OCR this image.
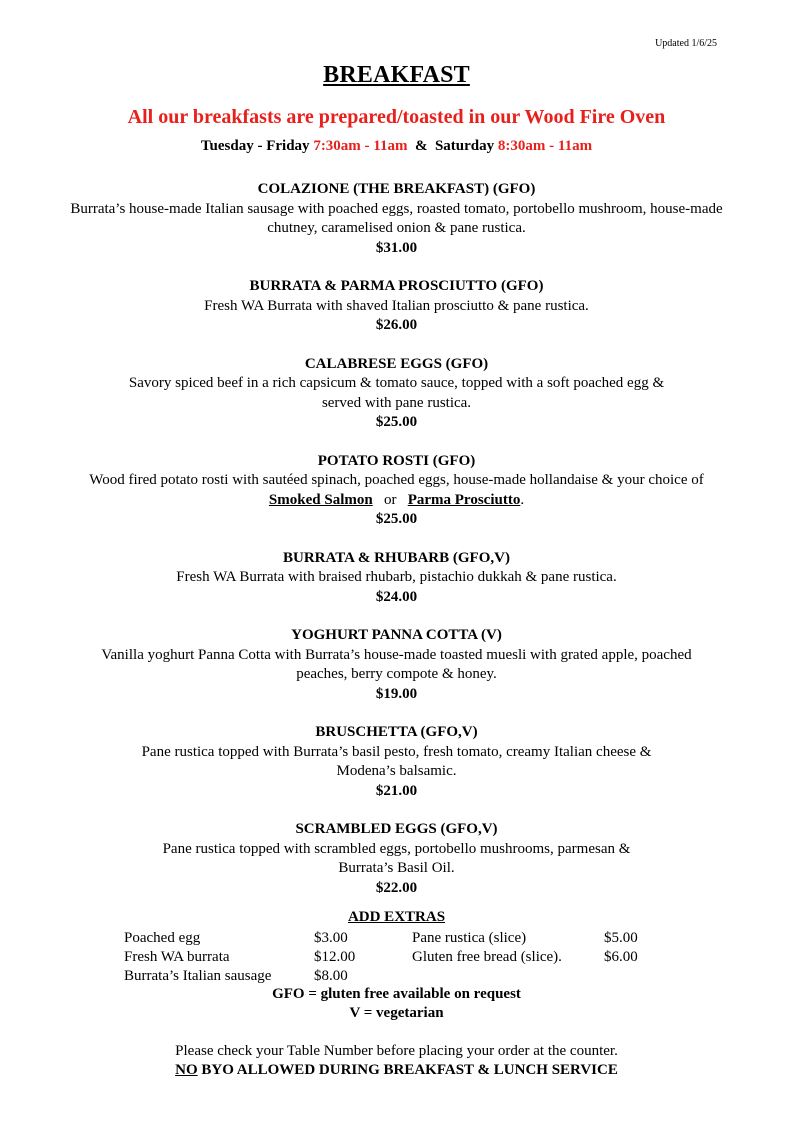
Updated 1/6/25
BREAKFAST
All our breakfasts are prepared/toasted in our Wood Fire Oven
Tuesday - Friday 7:30am - 11am & Saturday 8:30am - 11am
COLAZIONE (THE BREAKFAST) (GFO)
Burrata’s house-made Italian sausage with poached eggs, roasted tomato, portobello mushroom, house-made chutney, caramelised onion & pane rustica.
$31.00
BURRATA & PARMA PROSCIUTTO (GFO)
Fresh WA Burrata with shaved Italian prosciutto & pane rustica.
$26.00
CALABRESE EGGS (GFO)
Savory spiced beef in a rich capsicum & tomato sauce, topped with a soft poached egg & served with pane rustica.
$25.00
POTATO ROSTI (GFO)
Wood fired potato rosti with sautéed spinach, poached eggs, house-made hollandaise & your choice of
Smoked Salmon or Parma Prosciutto.
$25.00
BURRATA & RHUBARB (GFO,V)
Fresh WA Burrata with braised rhubarb, pistachio dukkah & pane rustica.
$24.00
YOGHURT PANNA COTTA (V)
Vanilla yoghurt Panna Cotta with Burrata’s house-made toasted muesli with grated apple, poached peaches, berry compote & honey.
$19.00
BRUSCHETTA (GFO,V)
Pane rustica topped with Burrata’s basil pesto, fresh tomato, creamy Italian cheese & Modena’s balsamic.
$21.00
SCRAMBLED EGGS (GFO,V)
Pane rustica topped with scrambled eggs, portobello mushrooms, parmesan & Burrata’s Basil Oil.
$22.00
ADD EXTRAS
Poached egg	$3.00	Pane rustica (slice)	$5.00
Fresh WA burrata	$12.00	Gluten free bread (slice).	$6.00
Burrata’s Italian sausage	$8.00
GFO = gluten free available on request
V = vegetarian
Please check your Table Number before placing your order at the counter.
NO BYO ALLOWED DURING BREAKFAST & LUNCH SERVICE
